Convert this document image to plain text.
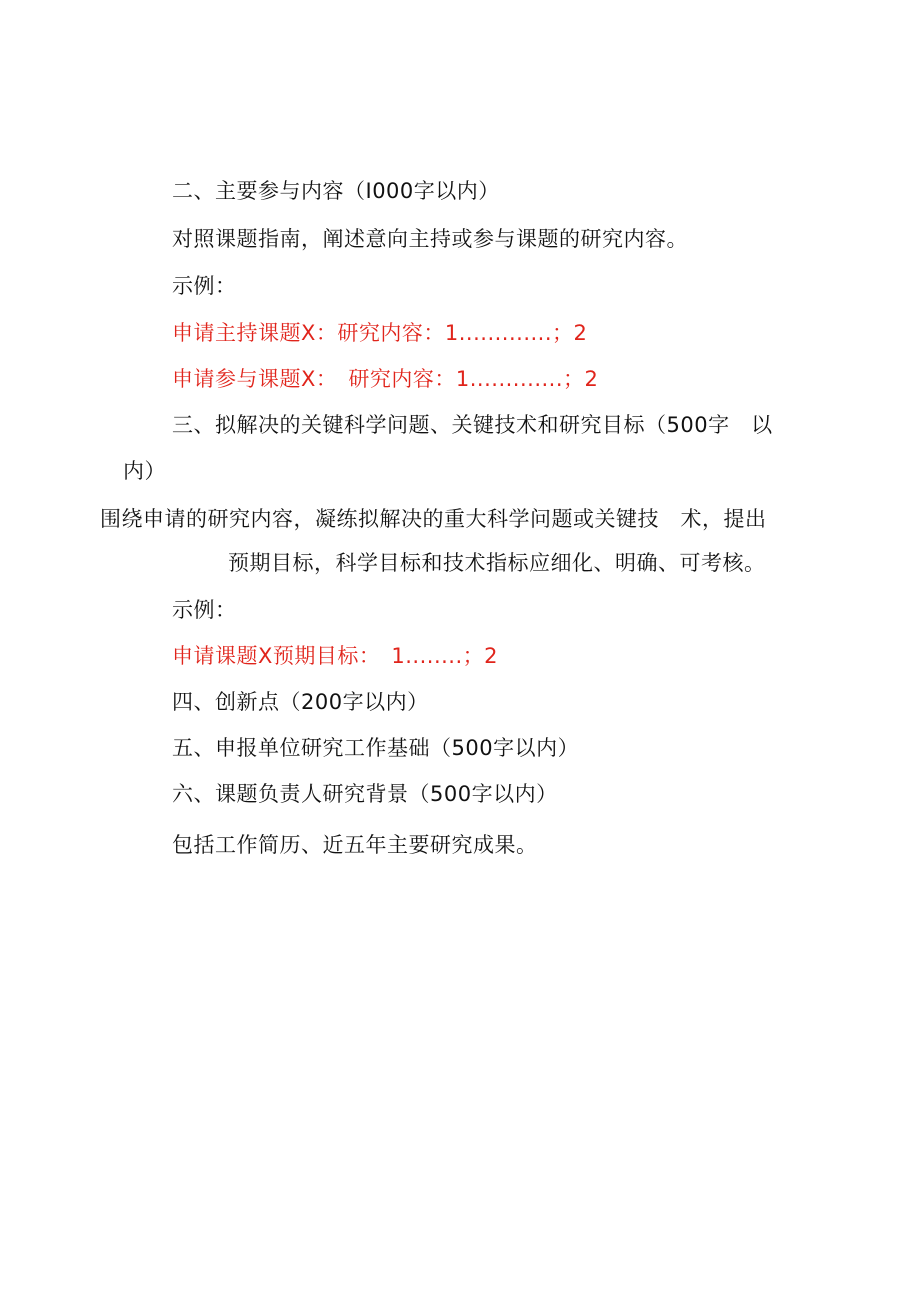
二、主要参与内容（I000字以内）
对照课题指南，阐述意向主持或参与课题的研究内容。
示例：
申请主持课题X：研究内容：1.............；2
申请参与课题X：　研究内容：1.............；2
三、拟解决的关键科学问题、关键技术和研究目标（500字　以
内）
围绕申请的研究内容，凝练拟解决的重大科学问题或关键技　术，提出
预期目标，科学目标和技术指标应细化、明确、可考核。
示例：
申请课题X预期目标：　1........；2
四、创新点（200字以内）
五、申报单位研究工作基础（500字以内）
六、课题负责人研究背景（500字以内）
包括工作简历、近五年主要研究成果。
